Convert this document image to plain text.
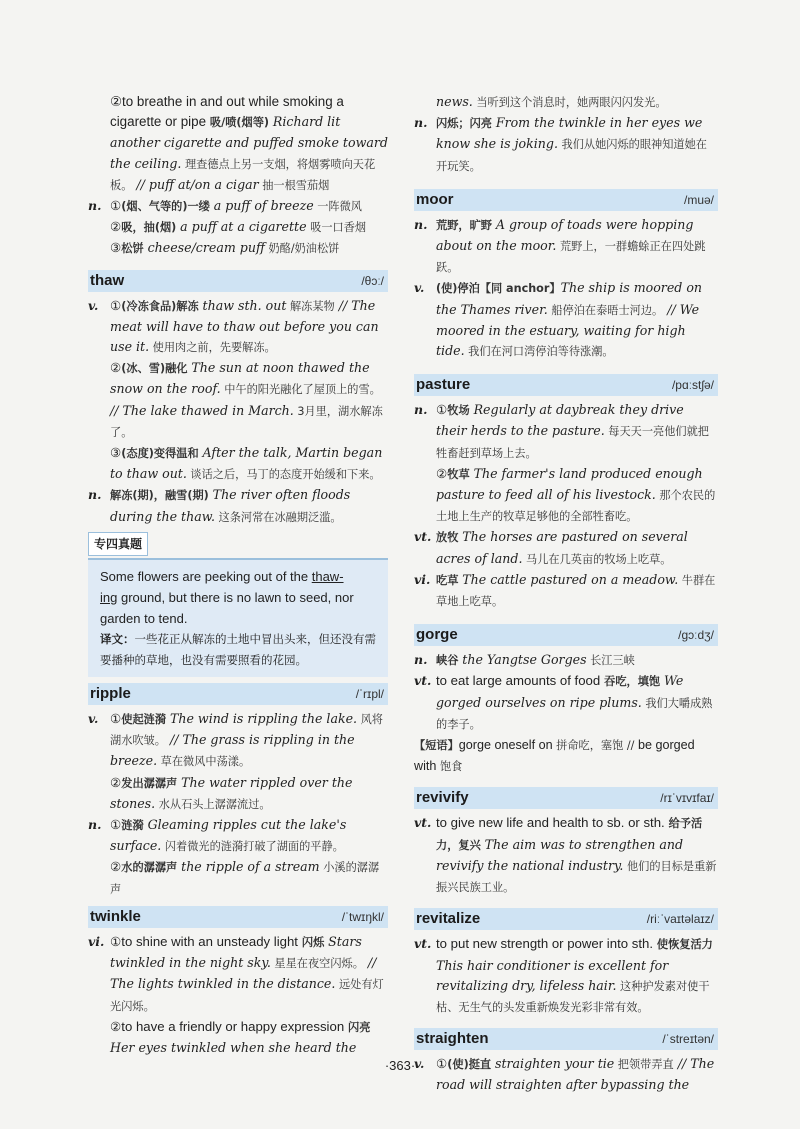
②to breathe in and out while smoking a cigarette or pipe 吸/喷(烟等) Richard lit another cigarette and puffed smoke toward the ceiling. 理查德点上另一支烟，将烟雾喷向天花板。 // puff at/on a cigar 抽一根雪茄烟

n. ①(烟、气等的)一缕 a puff of breeze 一阵微风

②吸，抽(烟) a puff at a cigarette 吸一口香烟

③松饼 cheese/cream puff 奶酪/奶油松饼

thaw	/θɔː/
v. ①(冷冻食品)解冻 thaw sth. out 解冻某物 // The meat will have to thaw out before you can use it. 使用肉之前，先要解冻。

②(冰、雪)融化 The sun at noon thawed the snow on the roof. 中午的阳光融化了屋顶上的雪。 // The lake thawed in March. 3月里，湖水解冻了。

③(态度)变得温和 After the talk, Martin began to thaw out. 谈话之后，马丁的态度开始缓和下来。

n. 解冻(期)，融雪(期) The river often floods during the thaw. 这条河常在冰融期泛滥。

专四真题

Some flowers are peeking out of the thaw-
ing ground, but there is no lawn to seed, nor garden to tend.

译文：一些花正从解冻的土地中冒出头来，但还没有需要播种的草地，也没有需要照看的花园。

ripple	/ˈrɪpl/
v. ①使起涟漪 The wind is rippling the lake. 风将湖水吹皱。 // The grass is rippling in the breeze. 草在微风中荡漾。

②发出潺潺声 The water rippled over the stones. 水从石头上潺潺流过。

n. ①涟漪 Gleaming ripples cut the lake's surface. 闪着微光的涟漪打破了湖面的平静。

②水的潺潺声 the ripple of a stream 小溪的潺潺声

twinkle	/ˈtwɪŋkl/
vi. ①to shine with an unsteady light 闪烁 Stars twinkled in the night sky. 星星在夜空闪烁。 // The lights twinkled in the distance. 远处有灯光闪烁。

②to have a friendly or happy expression 闪亮 Her eyes twinkled when she heard the

news. 当听到这个消息时，她两眼闪闪发光。

n. 闪烁；闪亮 From the twinkle in her eyes we know she is joking. 我们从她闪烁的眼神知道她在开玩笑。

moor	/muə/
n. 荒野，旷野 A group of toads were hopping about on the moor. 荒野上，一群蟾蜍正在四处跳跃。

v. (使)停泊【同 anchor】The ship is moored on the Thames river. 船停泊在泰晤士河边。 // We moored in the estuary, waiting for high tide. 我们在河口湾停泊等待涨潮。

pasture	/pɑːstʃə/
n. ①牧场 Regularly at daybreak they drive their herds to the pasture. 每天天一亮他们就把牲畜赶到草场上去。

②牧草 The farmer's land produced enough pasture to feed all of his livestock. 那个农民的土地上生产的牧草足够他的全部牲畜吃。

vt. 放牧 The horses are pastured on several acres of land. 马儿在几英亩的牧场上吃草。

vi. 吃草 The cattle pastured on a meadow. 牛群在草地上吃草。

gorge	/gɔːdʒ/
n. 峡谷 the Yangtse Gorges 长江三峡

vt. to eat large amounts of food 吞吃，填饱 We gorged ourselves on ripe plums. 我们大嚼成熟的李子。

【短语】gorge oneself on 拼命吃，塞饱 // be gorged with 饱食

revivify	/rɪˈvɪvɪfaɪ/
vt. to give new life and health to sb. or sth. 给予活力，复兴 The aim was to strengthen and revivify the national industry. 他们的目标是重新振兴民族工业。

revitalize	/riːˈvaɪtəlaɪz/
vt. to put new strength or power into sth. 使恢复活力 This hair conditioner is excellent for revitalizing dry, lifeless hair. 这种护发素对使干枯、无生气的头发重新焕发光彩非常有效。

straighten	/ˈstreɪtən/
v. ①(使)挺直 straighten your tie 把领带弄直 // The road will straighten after bypassing the

·363·
